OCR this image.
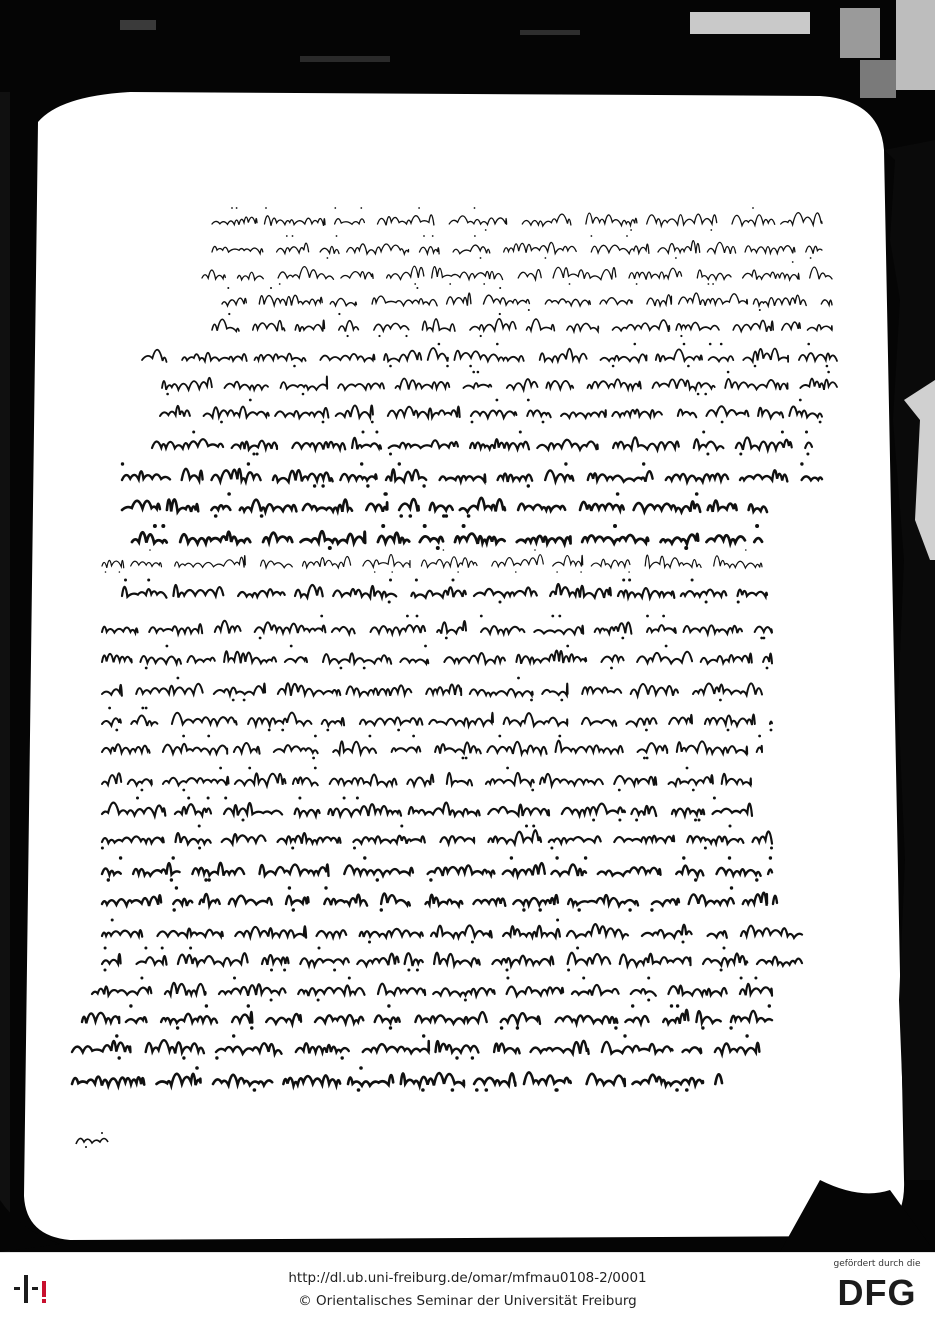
http://dl.ub.uni-freiburg.de/omar/mfmau0108-2/0001
© Orientalisches Seminar der Universität Freiburg
gefördert durch die
DFG
